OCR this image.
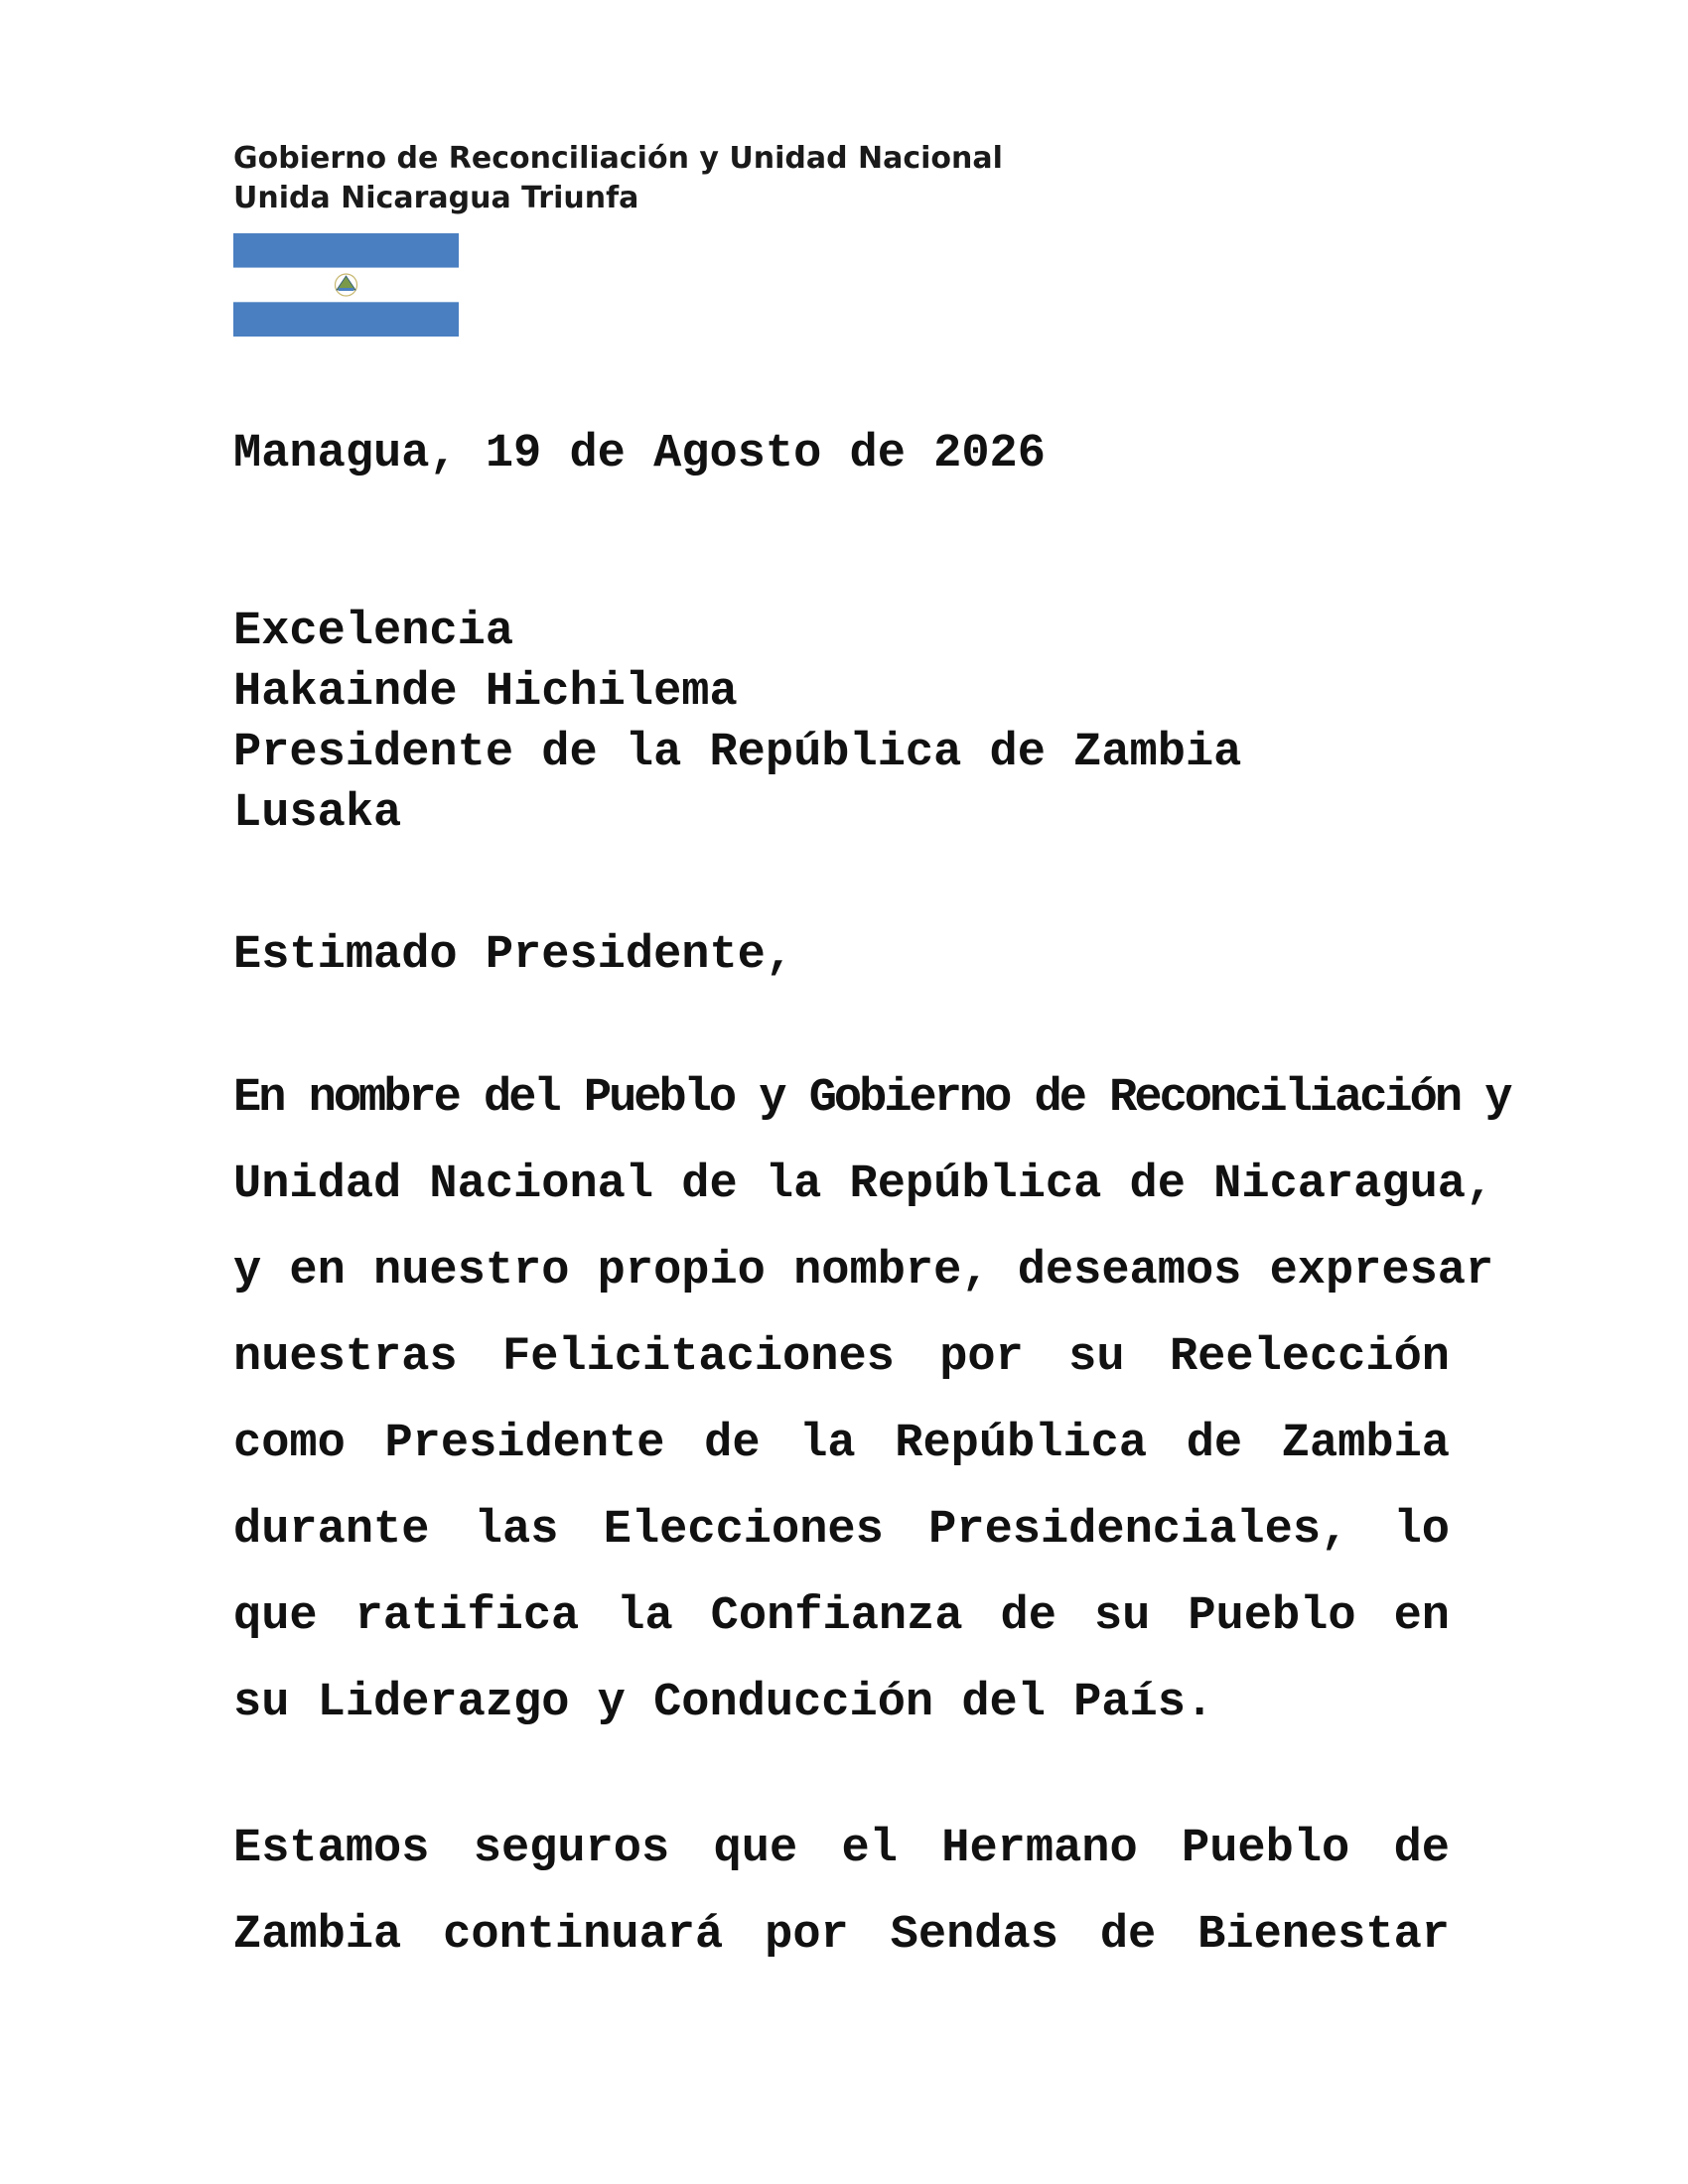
Gobierno de Reconciliación y Unidad Nacional
Unida Nicaragua Triunfa
Managua, 19 de Agosto de 2026
Excelencia
Hakainde Hichilema
Presidente de la República de Zambia
Lusaka
Estimado Presidente,
En nombre del Pueblo y Gobierno de Reconciliación y
Unidad Nacional de la República de Nicaragua,
y en nuestro propio nombre, deseamos expresar
nuestras Felicitaciones por su Reelección
como Presidente de la República de Zambia
durante las Elecciones Presidenciales, lo
que ratifica la Confianza de su Pueblo en
su Liderazgo y Conducción del País.
Estamos seguros que el Hermano Pueblo de
Zambia continuará por Sendas de Bienestar
